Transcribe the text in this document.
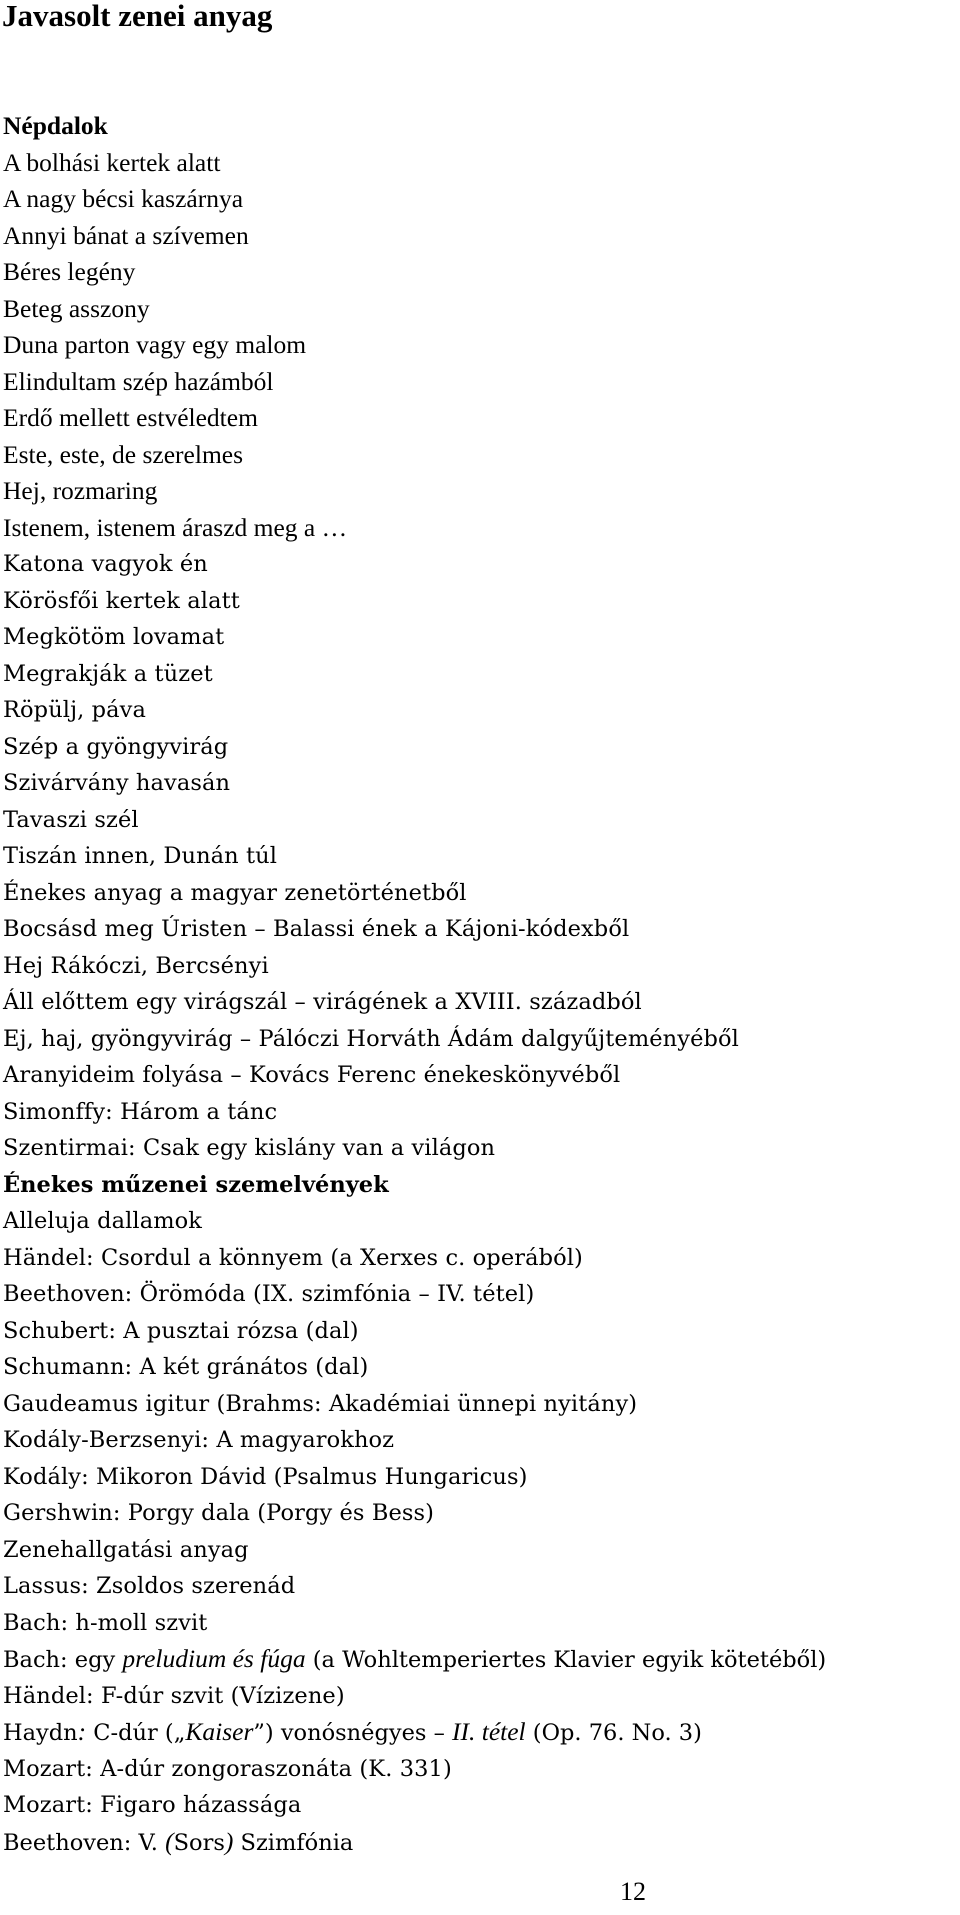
Javasolt zenei anyag
Népdalok
A bolhási kertek alatt
A nagy bécsi kaszárnya
Annyi bánat a szívemen
Béres legény
Beteg asszony
Duna parton vagy egy malom
Elindultam szép hazámból
Erdő mellett estvéledtem
Este, este, de szerelmes
Hej, rozmaring
Istenem, istenem áraszd meg a …
Katona vagyok én
Körösfői kertek alatt
Megkötöm lovamat
Megrakják a tüzet
Röpülj, páva
Szép a gyöngyvirág
Szivárvány havasán
Tavaszi szél
Tiszán innen, Dunán túl
Énekes anyag a magyar zenetörténetből
Bocsásd meg Úristen – Balassi ének a Kájoni-kódexből
Hej Rákóczi, Bercsényi
Áll előttem egy virágszál – virágének a XVIII. századból
Ej, haj, gyöngyvirág – Pálóczi Horváth Ádám dalgyűjteményéből
Aranyideim folyása – Kovács Ferenc énekeskönyvéből
Simonffy: Három a tánc
Szentirmai: Csak egy kislány van a világon
Énekes műzenei szemelvények
Alleluja dallamok
Händel: Csordul a könnyem (a Xerxes c. operából)
Beethoven: Örömóda (IX. szimfónia – IV. tétel)
Schubert: A pusztai rózsa (dal)
Schumann: A két gránátos (dal)
Gaudeamus igitur (Brahms: Akadémiai ünnepi nyitány)
Kodály-Berzsenyi: A magyarokhoz
Kodály: Mikoron Dávid (Psalmus Hungaricus)
Gershwin: Porgy dala (Porgy és Bess)
Zenehallgatási anyag
Lassus: Zsoldos szerenád
Bach: h-moll szvit
Bach: egy preludium és fúga (a Wohltemperiertes Klavier egyik kötetéből)
Händel: F-dúr szvit (Vízizene)
Haydn: C-dúr („Kaiser”) vonósnégyes – II. tétel (Op. 76. No. 3)
Mozart: A-dúr zongoraszonáta (K. 331)
Mozart: Figaro házassága
Beethoven: V. (Sors) Szimfónia
12
